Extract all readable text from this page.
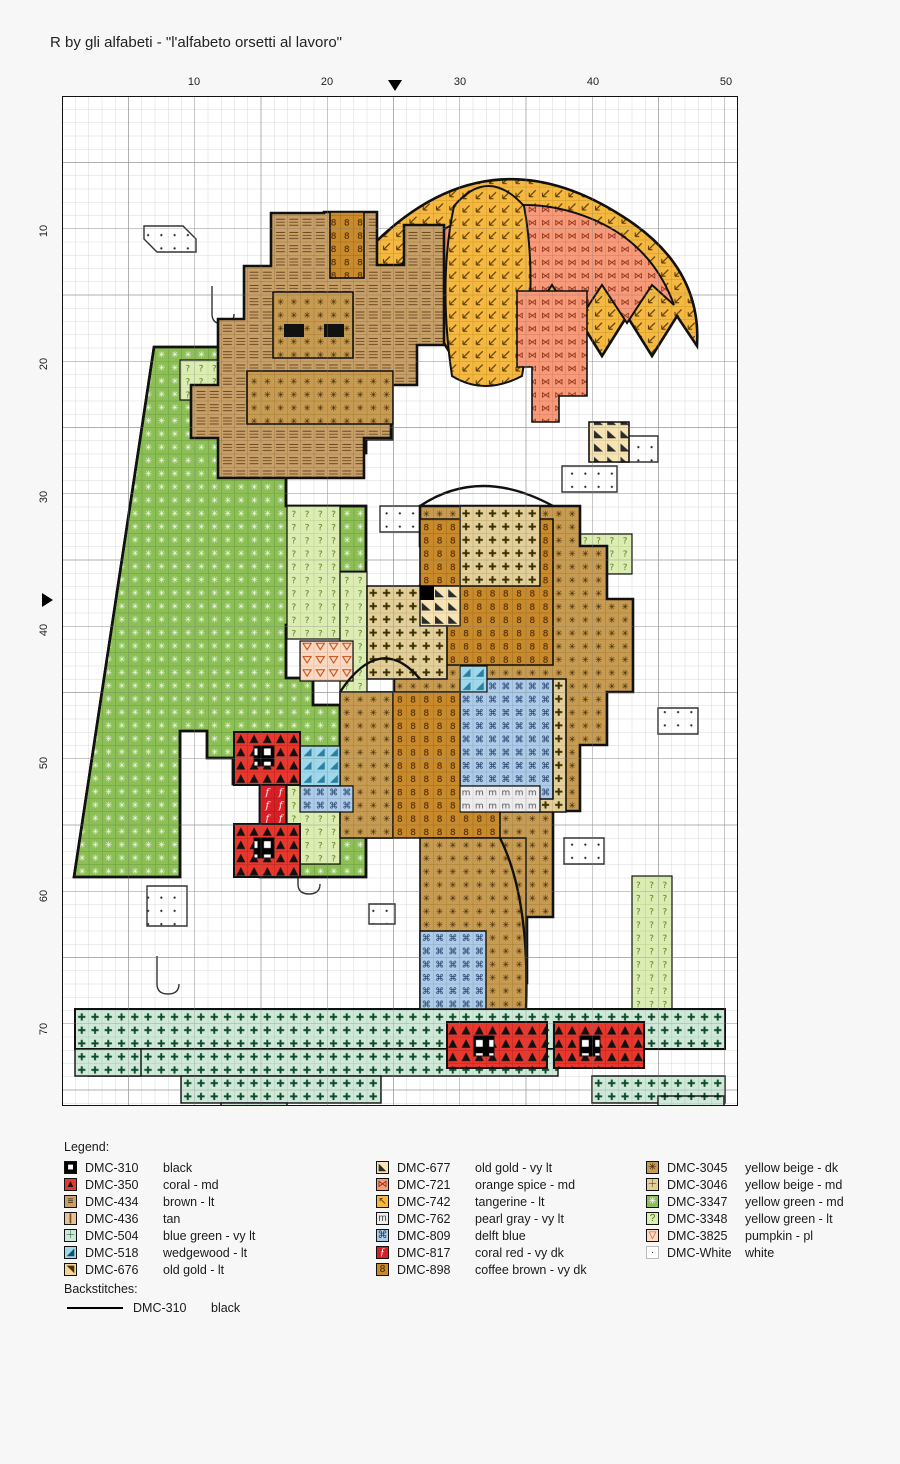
R by gli alfabeti - "l'alfabeto orsetti al lavoro"
10	20	30	40	50
10
20
30
40
50
60
70
Legend:
■ DMC-310	black
▲ DMC-350	coral - md
≡ DMC-434	brown - lt
❙ DMC-436	tan
＋ DMC-504	blue green - vy lt
◢ DMC-518	wedgewood - lt
◥ DMC-676	old gold - lt
◣ DMC-677	old gold - vy lt
⋈ DMC-721	orange spice - md
↖ DMC-742	tangerine - lt
m DMC-762	pearl gray - vy lt
⌘ DMC-809	delft blue
ƒ DMC-817	coral red - vy dk
8 DMC-898	coffee brown - vy dk
✳ DMC-3045	yellow beige - dk
＋ DMC-3046	yellow beige - md
✳ DMC-3347	yellow green - md
? DMC-3348	yellow green - lt
▽ DMC-3825	pumpkin - pl
·	DMC-White	white
Backstitches:
DMC-310	black
